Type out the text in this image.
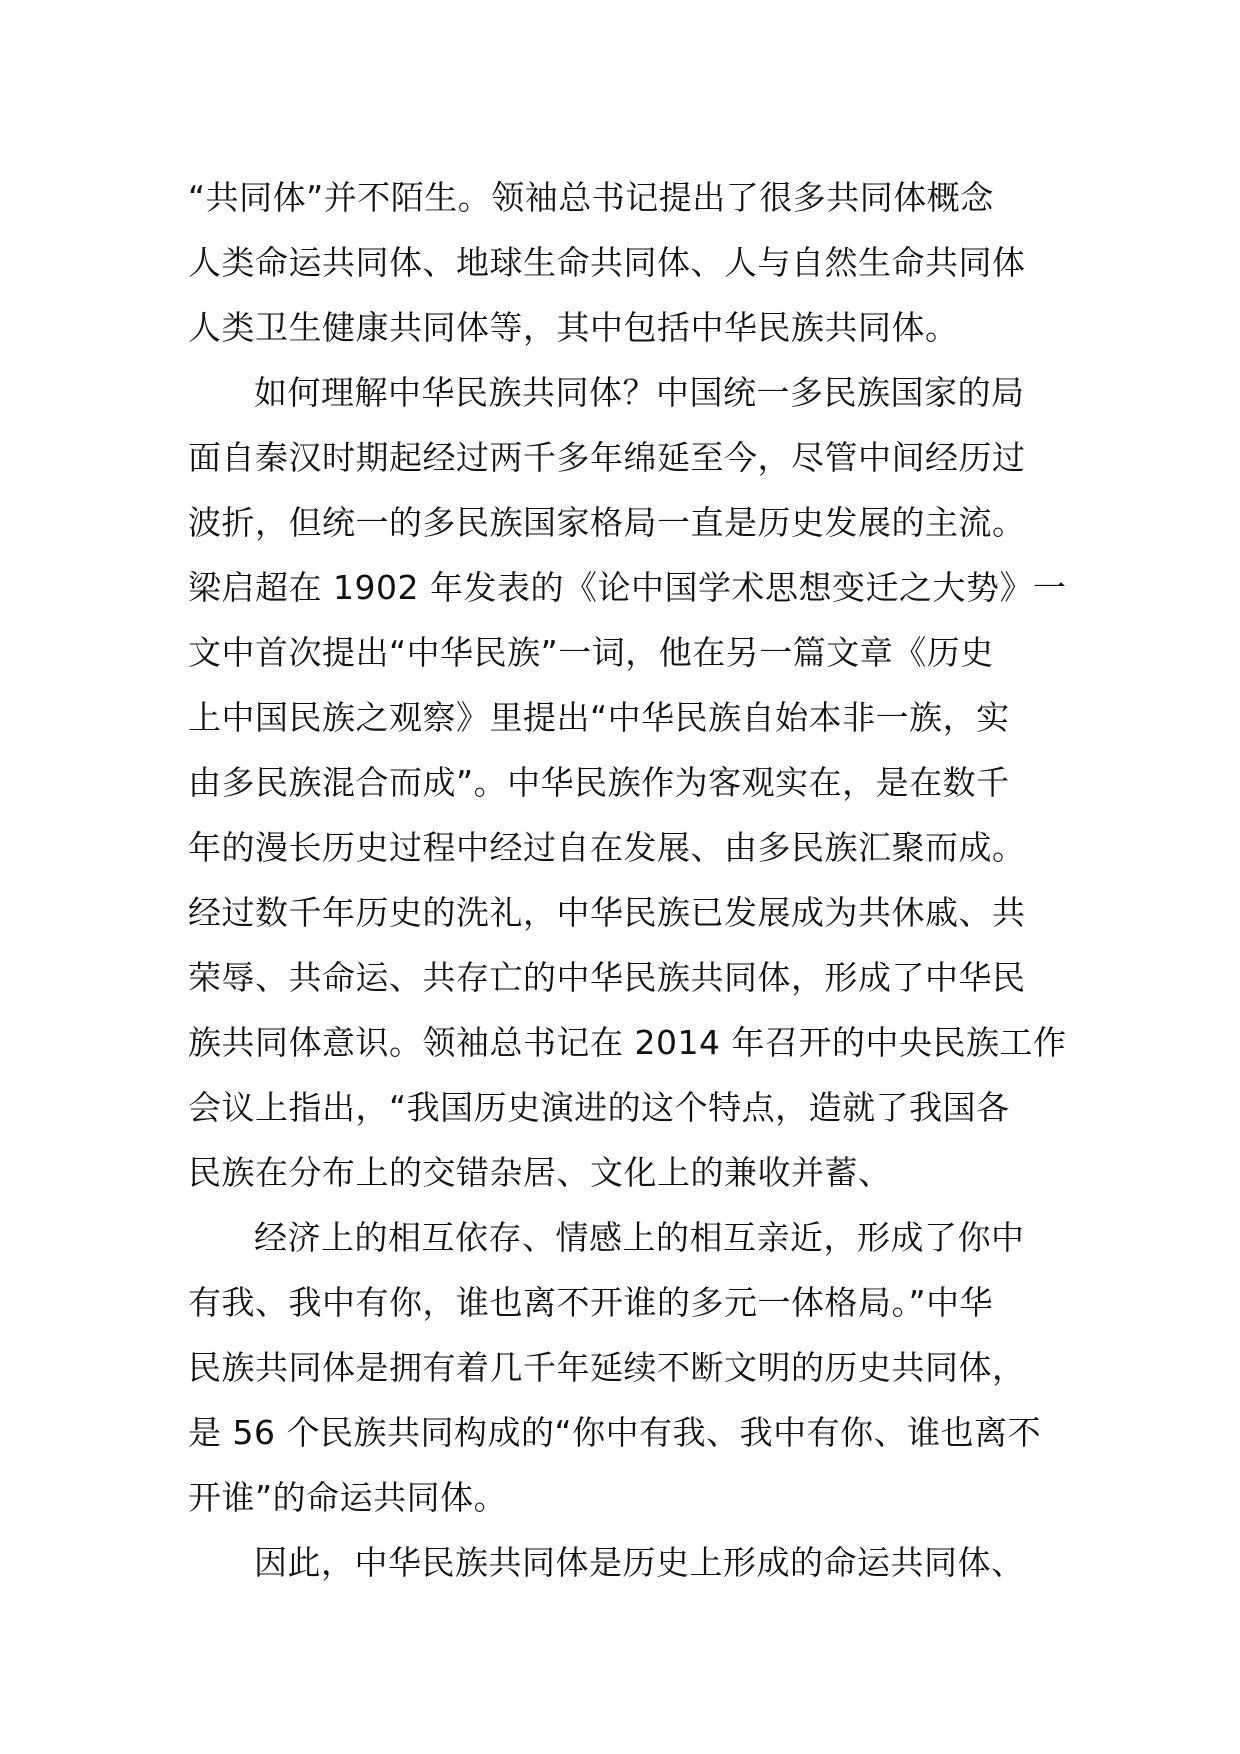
“共同体”并不陌生。领袖总书记提出了很多共同体概念
人类命运共同体、地球生命共同体、人与自然生命共同体
人类卫生健康共同体等，其中包括中华民族共同体。
如何理解中华民族共同体？中国统一多民族国家的局
面自秦汉时期起经过两千多年绵延至今，尽管中间经历过
波折，但统一的多民族国家格局一直是历史发展的主流。
梁启超在 1902 年发表的《论中国学术思想变迁之大势》一
文中首次提出“中华民族”一词，他在另一篇文章《历史
上中国民族之观察》里提出“中华民族自始本非一族，实
由多民族混合而成”。中华民族作为客观实在，是在数千
年的漫长历史过程中经过自在发展、由多民族汇聚而成。
经过数千年历史的洗礼，中华民族已发展成为共休戚、共
荣辱、共命运、共存亡的中华民族共同体，形成了中华民
族共同体意识。领袖总书记在 2014 年召开的中央民族工作
会议上指出，“我国历史演进的这个特点，造就了我国各
民族在分布上的交错杂居、文化上的兼收并蓄、
经济上的相互依存、情感上的相互亲近，形成了你中
有我、我中有你，谁也离不开谁的多元一体格局。”中华
民族共同体是拥有着几千年延续不断文明的历史共同体，
是 56 个民族共同构成的“你中有我、我中有你、谁也离不
开谁”的命运共同体。
因此，中华民族共同体是历史上形成的命运共同体、
